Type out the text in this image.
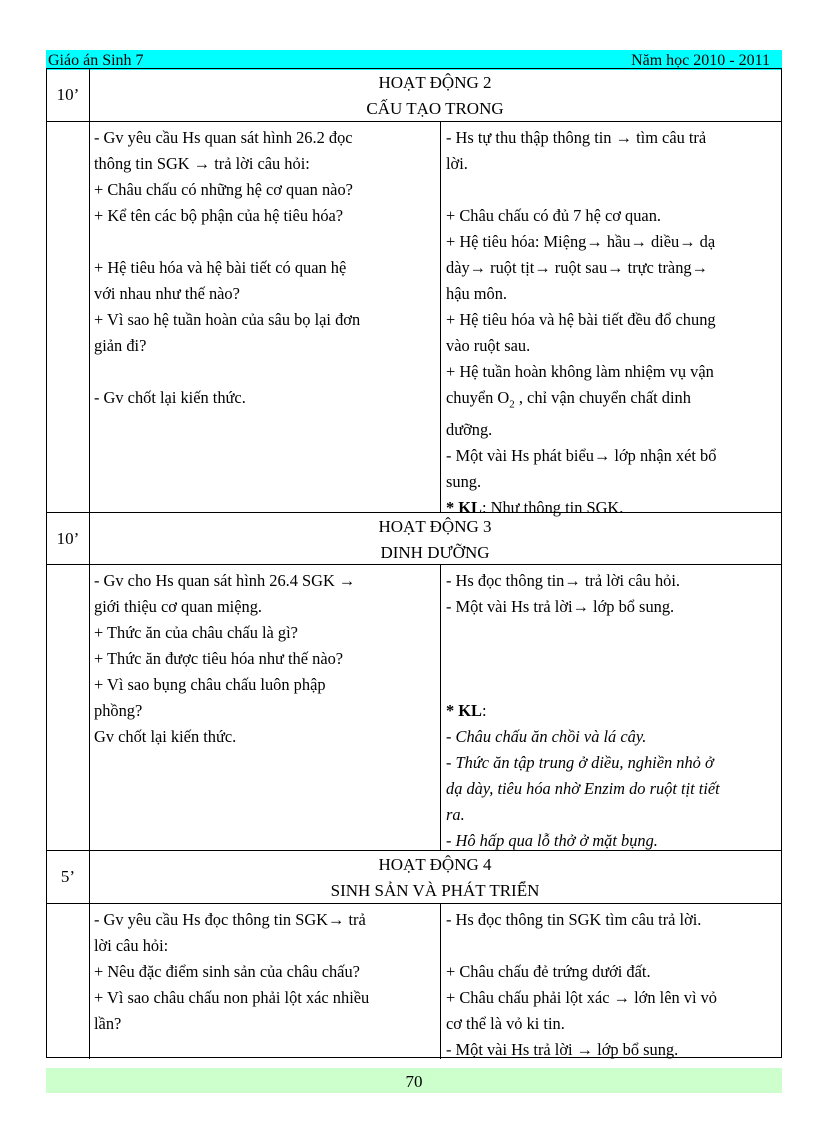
Giáo án Sinh 7	Năm học 2010 - 2011
10’
HOẠT ĐỘNG 2
CẤU TẠO TRONG
- Gv yêu cầu Hs quan sát hình 26.2 đọc
thông tin SGK → trả lời câu hỏi:
+ Châu chấu có những hệ cơ quan nào?
+ Kể tên các bộ phận của hệ tiêu hóa?
+ Hệ tiêu hóa và hệ bài tiết có quan hệ
với nhau như thế nào?
+ Vì sao hệ tuần hoàn của sâu bọ lại đơn
giản đi?
- Gv chốt lại kiến thức.
- Hs tự thu thập thông tin → tìm câu trả
lời.
+ Châu chấu có đủ 7 hệ cơ quan.
+ Hệ tiêu hóa: Miệng→ hầu→ diều→ dạ
dày→ ruột tịt→ ruột sau→ trực tràng→
hậu môn.
+ Hệ tiêu hóa và hệ bài tiết đều đổ chung
vào ruột sau.
+ Hệ tuần hoàn không làm nhiệm vụ vận
chuyển $O_2$ , chỉ vận chuyển chất dinh
dưỡng.
- Một vài Hs phát biểu→ lớp nhận xét bổ
sung.
* KL: Như thông tin SGK.
10’
HOẠT ĐỘNG 3
DINH DƯỠNG
- Gv cho Hs quan sát hình 26.4 SGK →
giới thiệu cơ quan miệng.
+ Thức ăn của châu chấu là gì?
+ Thức ăn được tiêu hóa như thế nào?
+ Vì sao bụng châu chấu luôn phập
phồng?
Gv chốt lại kiến thức.
- Hs đọc thông tin→ trả lời câu hỏi.
- Một vài Hs trả lời→ lớp bổ sung.
* KL:
- Châu chấu ăn chồi và lá cây.
- Thức ăn tập trung ở diều, nghiền nhỏ ở
dạ dày, tiêu hóa nhờ Enzim do ruột tịt tiết
ra.
- Hô hấp qua lỗ thở ở mặt bụng.
5’
HOẠT ĐỘNG 4
SINH SẢN VÀ PHÁT TRIỂN
- Gv yêu cầu Hs đọc thông tin SGK→ trả
lời câu hỏi:
+ Nêu đặc điểm sinh sản của châu chấu?
+ Vì sao châu chấu non phải lột xác nhiều
lần?
- Hs đọc thông tin SGK tìm câu trả lời.
+ Châu chấu đẻ trứng dưới đất.
+ Châu chấu phải lột xác → lớn lên vì vỏ
cơ thể là vỏ ki tin.
- Một vài Hs trả lời → lớp bổ sung.
70
